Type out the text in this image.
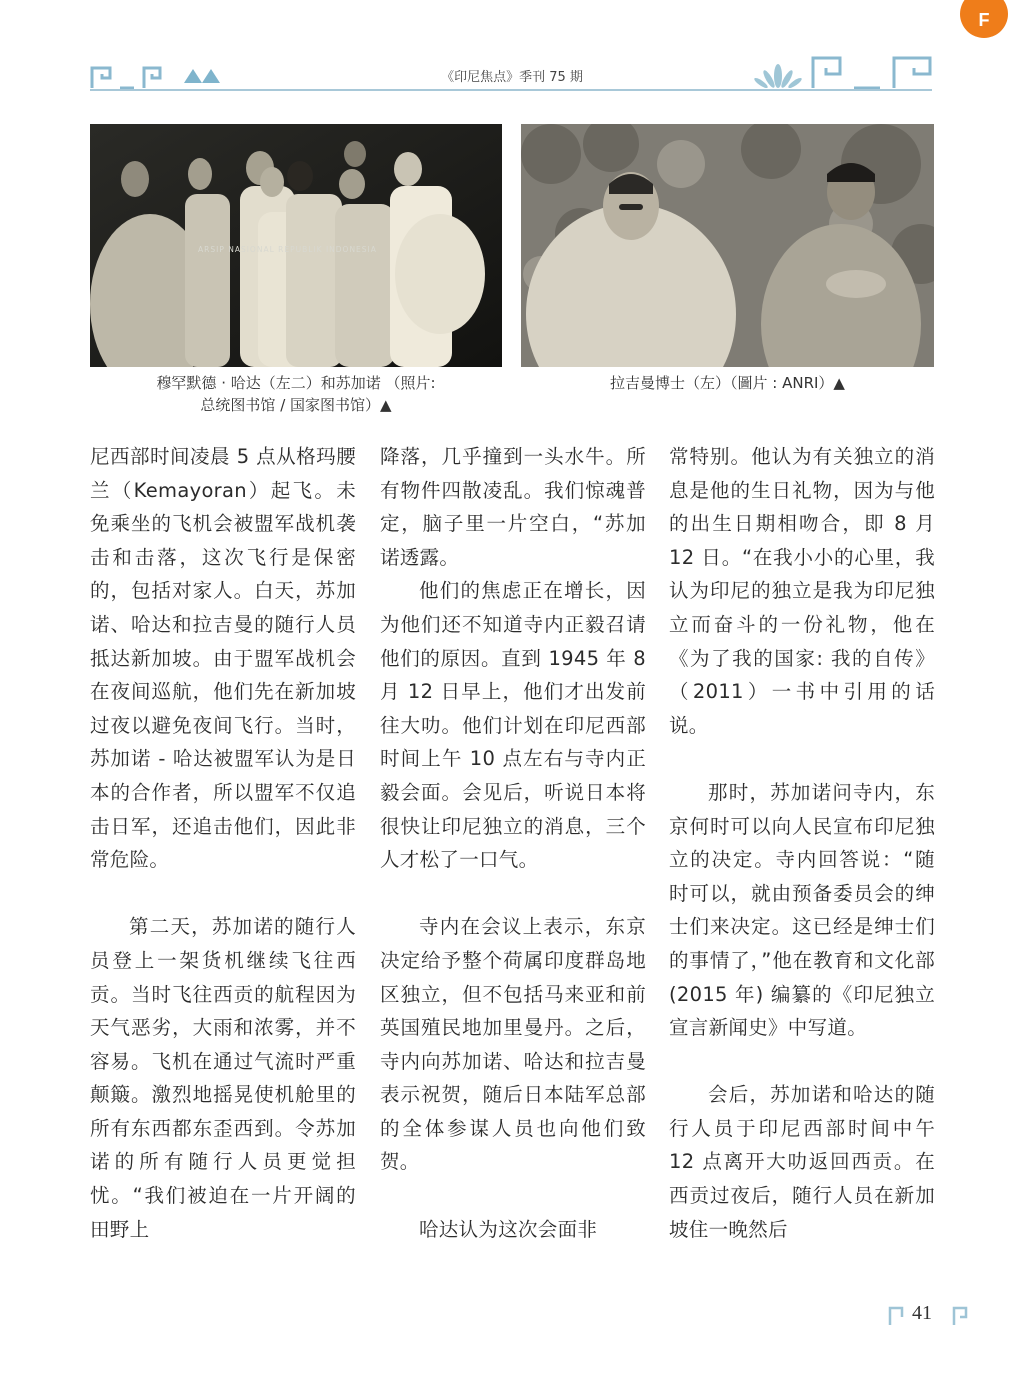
F
《印尼焦点》季刊 75 期
ARSIP NASIONAL REPUBLIK INDONESIA
穆罕默德 · 哈达（左二）和苏加诺 （照片:
总统图书馆 / 国家图书馆）▲
拉吉曼博士（左）（圖片 : ANRI）▲

尼西部时间凌晨 5 点从格玛腰兰（Kemayoran）起飞。未免乘坐的飞机会被盟军战机袭击和击落，这次飞行是保密的，包括对家人。白天，苏加诺、哈达和拉吉曼的随行人员抵达新加坡。由于盟军战机会在夜间巡航，他们先在新加坡过夜以避免夜间飞行。当时，苏加诺 - 哈达被盟军认为是日本的合作者，所以盟军不仅追击日军，还追击他们，因此非常危险。

第二天，苏加诺的随行人员登上一架货机继续飞往西贡。当时飞往西贡的航程因为天气恶劣，大雨和浓雾，并不容易。飞机在通过气流时严重颠簸。激烈地摇晃使机舱里的所有东西都东歪西到。令苏加诺的所有随行人员更觉担忧。“我们被迫在一片开阔的田野上

降落，几乎撞到一头水牛。所有物件四散凌乱。我们惊魂普定，脑子里一片空白，“苏加诺透露。

他们的焦虑正在增长，因为他们还不知道寺内正毅召请他们的原因。直到 1945 年 8 月 12 日早上，他们才出发前往大叻。他们计划在印尼西部时间上午 10 点左右与寺内正毅会面。会见后，听说日本将很快让印尼独立的消息，三个人才松了一口气。

寺内在会议上表示，东京决定给予整个荷属印度群岛地区独立，但不包括马来亚和前英国殖民地加里曼丹。之后，寺内向苏加诺、哈达和拉吉曼表示祝贺，随后日本陆军总部的全体参谋人员也向他们致贺。

哈达认为这次会面非

常特别。他认为有关独立的消息是他的生日礼物，因为与他的出生日期相吻合，即 8 月 12 日。“在我小小的心里，我认为印尼的独立是我为印尼独立而奋斗的一份礼物，他在《为了我的国家: 我的自传》（2011）一书中引用的话说。

那时，苏加诺问寺内，东京何时可以向人民宣布印尼独立的决定。寺内回答说：“随时可以，就由预备委员会的绅士们来决定。这已经是绅士们的事情了，”他在教育和文化部 (2015 年) 编纂的《印尼独立宣言新闻史》中写道。

会后，苏加诺和哈达的随行人员于印尼西部时间中午 12 点离开大叻返回西贡。在西贡过夜后，随行人员在新加坡住一晚然后

41
